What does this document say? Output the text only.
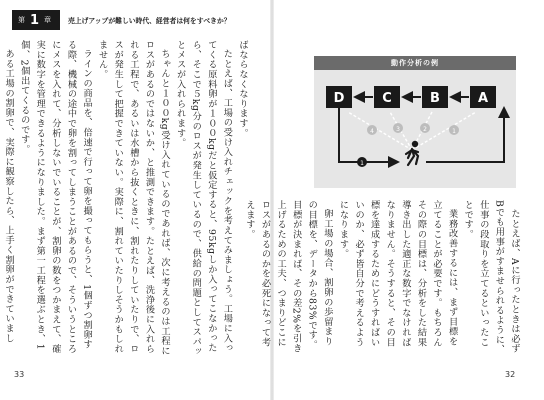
第 1 章 売上げアップが難しい時代、経営者は何をすべきか？

ばならなくなります。

たとえば、工場の受け入れチェックを考えてみましょう。工場に入ってくる原料卵が１００kgだと仮定すると、95kgしか入ってこなかったら、そこで５kg分のロスが発生しているので、供給の問題としてスパッとメスが入れられます。

ちゃんと１００kg受け入れているのであれば、次に考えるのは工程にロスがあるのではないか、と推測できます。たとえば、洗浄後に入れられる工程で、あるいは水槽から抜くときに、割れたりしていたりで、ロスが発生して把握できていない。実際に、割れていたりしそうかもしれません。

ラインの商品を、倍速で行って卵を撮ってもらうと、1個ずつ割卵する際、機械の途中で卵を割ってしまうことがあるので、そういうところにメスを入れて、分析しないでいることが、割卵の数をつかまえて、確実に数字を管理できるようになりました。まず第一工程を選ぶとき、1個、2個出てくるのです。

ある工場の割卵で、実際に観察したら、上手く割卵ができていまし

33
動作分析の例
D	C	B	A
1
1
2
3
4

たとえば、Aに行ったときは必ずBでも用事がすませられるように、仕事の段取りを立てるといったことです。

業務改善するには、まず目標を立てることが必要です。もちろんその際の目標は、分析をした結果導き出した適正な数字でなければなりません。そうすると、その目標を達成するためにどうすればいいのか、必ず皆自分で考えるようになります。

卵工場の場合、割卵の歩留まりの目標を、データから83%です。目標が決まれば、その差2%を引き上げるための工夫、つまりどこにロスがあるのかを必死になって考えます。

32
